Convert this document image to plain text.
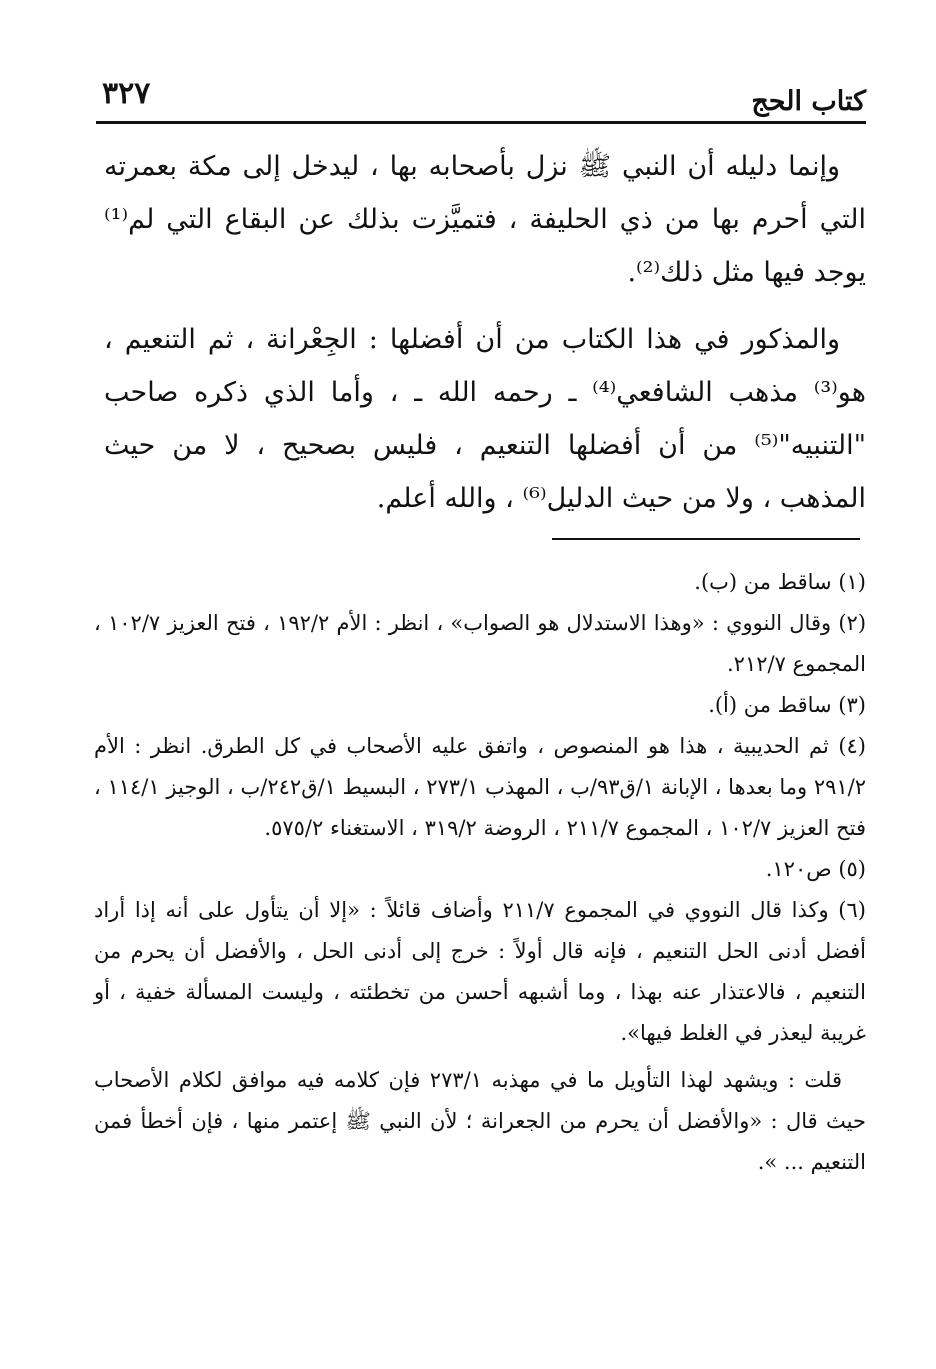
كتاب الحج
٣٢٧

وإنما دليله أن النبي ﷺ نزل بأصحابه بها ، ليدخل إلى مكة بعمرته التي أحرم بها من ذي الحليفة ، فتميَّزت بذلك عن البقاع التي لم⁽¹⁾ يوجد فيها مثل ذلك⁽²⁾.

والمذكور في هذا الكتاب من أن أفضلها : الجِعْرانة ، ثم التنعيم ، هو⁽³⁾ مذهب الشافعي⁽⁴⁾ ـ رحمه الله ـ ، وأما الذي ذكره صاحب "التنبيه"⁽⁵⁾ من أن أفضلها التنعيم ، فليس بصحيح ، لا من حيث المذهب ، ولا من حيث الدليل⁽⁶⁾ ، والله أعلم.

(١) ساقط من (ب).

(٢) وقال النووي : «وهذا الاستدلال هو الصواب» ، انظر : الأم ١٩٢/٢ ، فتح العزيز ١٠٢/٧ ، المجموع ٢١٢/٧.

(٣) ساقط من (أ).

(٤) ثم الحديبية ، هذا هو المنصوص ، واتفق عليه الأصحاب في كل الطرق. انظر : الأم ٢٩١/٢ وما بعدها ، الإبانة ١/ق٩٣/ب ، المهذب ٢٧٣/١ ، البسيط ١/ق٢٤٢/ب ، الوجيز ١١٤/١ ، فتح العزيز ١٠٢/٧ ، المجموع ٢١١/٧ ، الروضة ٣١٩/٢ ، الاستغناء ٥٧٥/٢.

(٥) ص١٢٠.

(٦) وكذا قال النووي في المجموع ٢١١/٧ وأضاف قائلاً : «إلا أن يتأول على أنه إذا أراد أفضل أدنى الحل التنعيم ، فإنه قال أولاً : خرج إلى أدنى الحل ، والأفضل أن يحرم من التنعيم ، فالاعتذار عنه بهذا ، وما أشبهه أحسن من تخطئته ، وليست المسألة خفية ، أو غريبة ليعذر في الغلط فيها».

قلت : ويشهد لهذا التأويل ما في مهذبه ٢٧٣/١ فإن كلامه فيه موافق لكلام الأصحاب حيث قال : «والأفضل أن يحرم من الجعرانة ؛ لأن النبي ﷺ إعتمر منها ، فإن أخطأ فمن التنعيم ... ».
